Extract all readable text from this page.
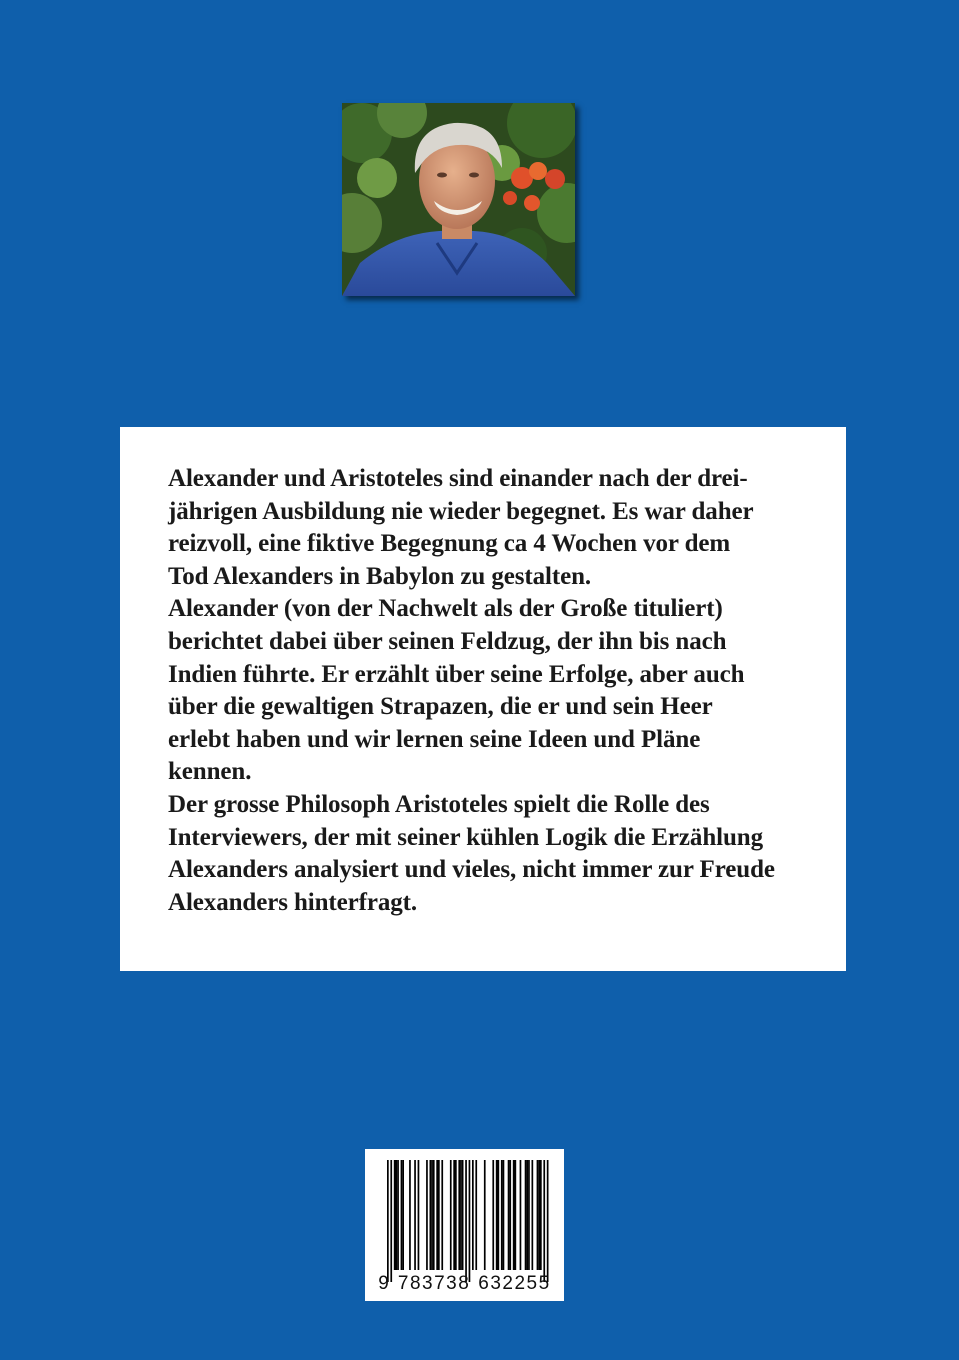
Alexander und Aristoteles sind einander nach der drei-

jährigen Ausbildung nie wieder begegnet. Es war daher

reizvoll, eine fiktive Begegnung ca 4 Wochen vor dem

Tod Alexanders in Babylon zu gestalten.

Alexander (von der Nachwelt als der Große tituliert)

berichtet dabei über seinen Feldzug, der ihn bis nach

Indien führte. Er erzählt über seine Erfolge, aber auch

über die gewaltigen Strapazen, die er und sein Heer

erlebt haben und wir lernen seine Ideen und Pläne

kennen.

Der grosse Philosoph Aristoteles spielt die Rolle des

Interviewers, der mit seiner kühlen Logik die Erzählung

Alexanders analysiert und vieles, nicht immer zur Freude

Alexanders hinterfragt.

9 783738 632255
